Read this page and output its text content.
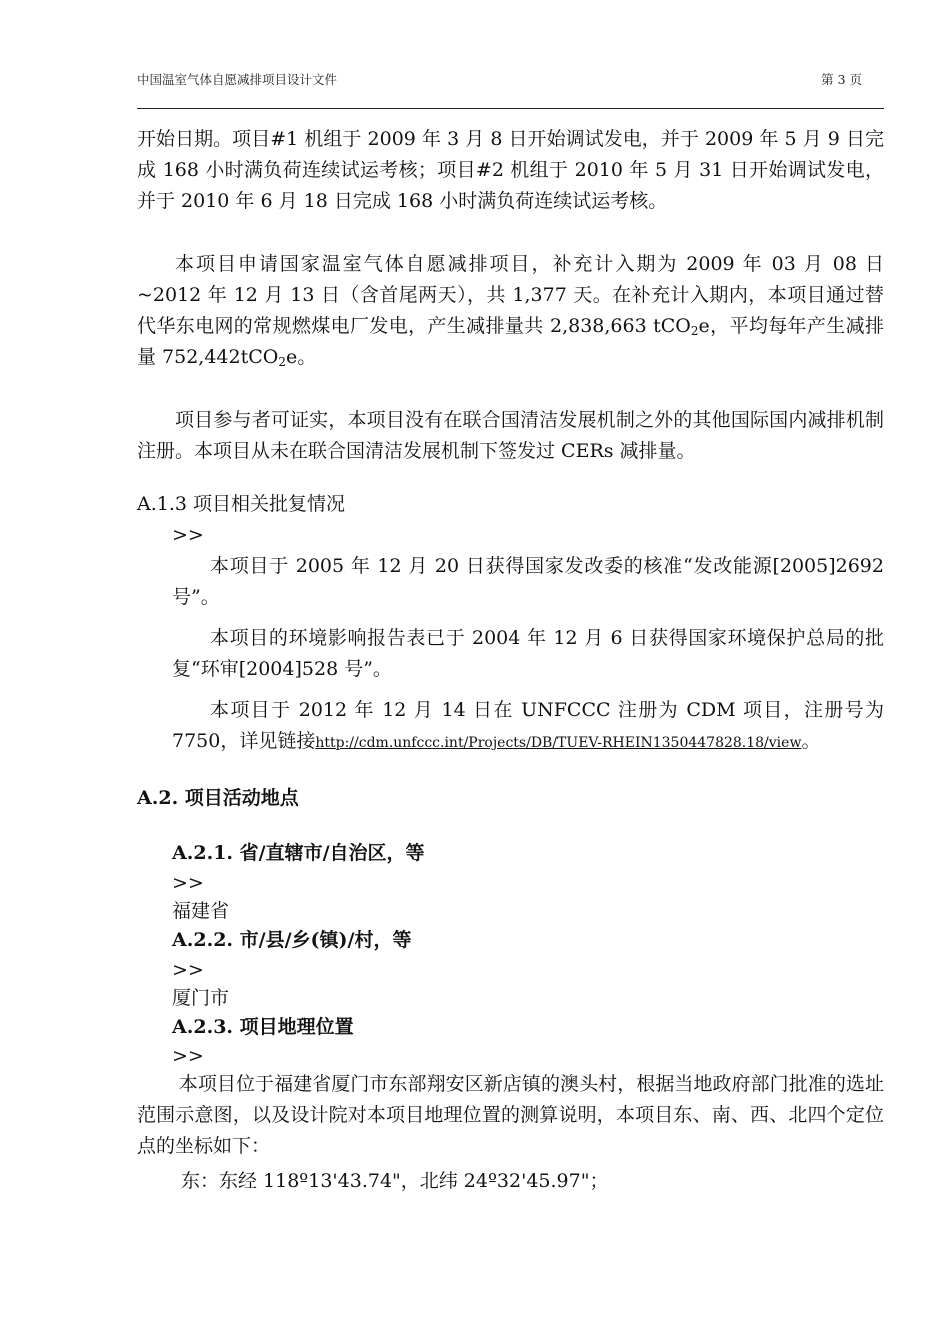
中国温室气体自愿减排项目设计文件	第 3 页

开始日期。项目#1 机组于 2009 年 3 月 8 日开始调试发电，并于 2009 年 5 月 9 日完成 168 小时满负荷连续试运考核；项目#2 机组于 2010 年 5 月 31 日开始调试发电，并于 2010 年 6 月 18 日完成 168 小时满负荷连续试运考核。

本项目申请国家温室气体自愿减排项目，补充计入期为 2009 年 03 月 08 日~2012 年 12 月 13 日（含首尾两天），共 1,377 天。在补充计入期内，本项目通过替代华东电网的常规燃煤电厂发电，产生减排量共 2,838,663 tCO$_2$e，平均每年产生减排量 752,442tCO$_2$e。

项目参与者可证实，本项目没有在联合国清洁发展机制之外的其他国际国内减排机制注册。本项目从未在联合国清洁发展机制下签发过 CERs 减排量。

A.1.3 项目相关批复情况

>>

本项目于 2005 年 12 月 20 日获得国家发改委的核准“发改能源[2005]2692 号”。

本项目的环境影响报告表已于 2004 年 12 月 6 日获得国家环境保护总局的批复“环审[2004]528 号”。

本项目于 2012 年 12 月 14 日在 UNFCCC 注册为 CDM 项目，注册号为 7750，详见链接http://cdm.unfccc.int/Projects/DB/TUEV-RHEIN1350447828.18/view。

A.2. 项目活动地点

A.2.1. 省/直辖市/自治区，等

>>

福建省

A.2.2. 市/县/乡(镇)/村，等

>>

厦门市

A.2.3. 项目地理位置

>>

本项目位于福建省厦门市东部翔安区新店镇的澳头村，根据当地政府部门批准的选址范围示意图，以及设计院对本项目地理位置的测算说明，本项目东、南、西、北四个定位点的坐标如下：

东：东经 118º13'43.74"，北纬 24º32'45.97"；
